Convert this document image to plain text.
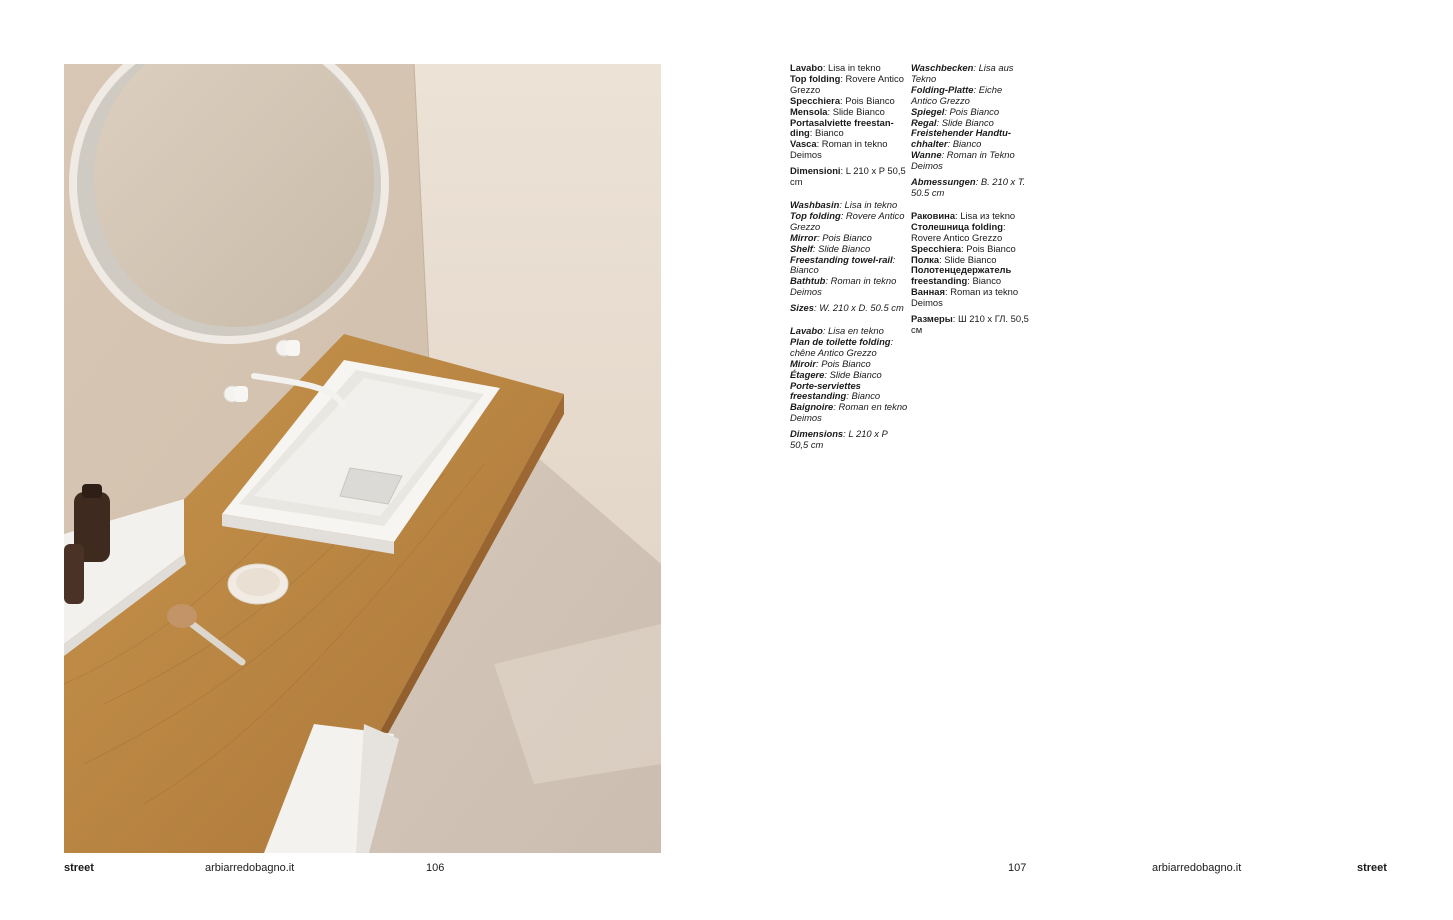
Lavabo: Lisa in tekno
Top folding: Rovere Antico Grezzo
Specchiera: Pois Bianco
Mensola: Slide Bianco
Portasalviette freestan-ding: Bianco
Vasca: Roman in tekno Deimos
Dimensioni: L 210 x P 50,5 cm
Washbasin: Lisa in tekno
Top folding: Rovere Antico Grezzo
Mirror: Pois Bianco
Shelf: Slide Bianco
Freestanding towel-rail: Bianco
Bathtub: Roman in tekno Deimos
Sizes: W. 210 x D. 50.5 cm
Lavabo: Lisa en tekno
Plan de toilette folding: chêne Antico Grezzo
Miroir: Pois Bianco
Étagere: Slide Bianco
Porte-serviettes freestanding: Bianco
Baignoire: Roman en tekno Deimos
Dimensions: L 210 x P 50,5 cm
Waschbecken: Lisa aus Tekno
Folding-Platte: Eiche Antico Grezzo
Spiegel: Pois Bianco
Regal: Slide Bianco
Freistehender Handtu-chhalter: Bianco
Wanne: Roman in Tekno Deimos
Abmessungen: B. 210 x T. 50.5 cm
Раковина: Lisa из tekno
Столешница folding: Rovere Antico Grezzo
Specchiera: Pois Bianco
Полка: Slide Bianco
Полотенцедержатель freestanding: Bianco
Ванная: Roman из tekno Deimos
Размеры: Ш 210 х ГЛ. 50,5 см
street	arbiarredobagno.it	106	107	arbiarredobagno.it	street
